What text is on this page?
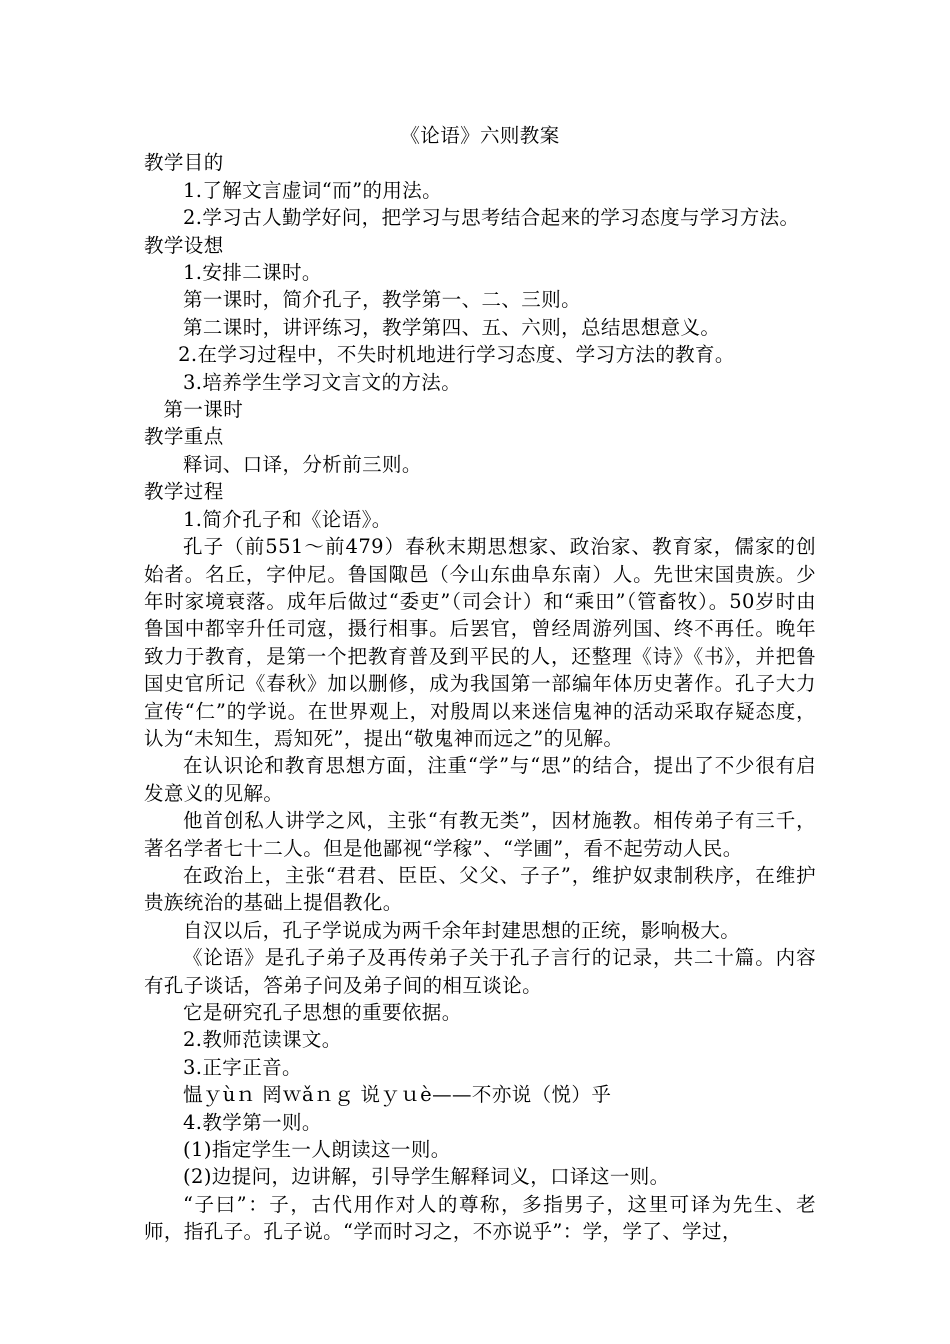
《论语》六则教案

教学目的

1.了解文言虚词“而”的用法。

2.学习古人勤学好问，把学习与思考结合起来的学习态度与学习方法。

教学设想

1.安排二课时。

第一课时，简介孔子，教学第一、二、三则。

第二课时，讲评练习，教学第四、五、六则，总结思想意义。

2.在学习过程中，不失时机地进行学习态度、学习方法的教育。

3.培养学生学习文言文的方法。

第一课时

教学重点

释词、口译，分析前三则。

教学过程

1.简介孔子和《论语》。

孔子（前551～前479）春秋末期思想家、政治家、教育家，儒家的创始者。名丘，字仲尼。鲁国陬邑（今山东曲阜东南）人。先世宋国贵族。少年时家境衰落。成年后做过“委吏”（司会计）和“乘田”（管畜牧）。50岁时由鲁国中都宰升任司寇，摄行相事。后罢官，曾经周游列国、终不再任。晚年致力于教育，是第一个把教育普及到平民的人，还整理《诗》《书》，并把鲁国史官所记《春秋》加以删修，成为我国第一部编年体历史著作。孔子大力宣传“仁”的学说。在世界观上，对殷周以来迷信鬼神的活动采取存疑态度，认为“未知生，焉知死”，提出“敬鬼神而远之”的见解。

在认识论和教育思想方面，注重“学”与“思”的结合，提出了不少很有启发意义的见解。

他首创私人讲学之风，主张“有教无类”，因材施教。相传弟子有三千，著名学者七十二人。但是他鄙视“学稼”、“学圃”，看不起劳动人民。

在政治上，主张“君君、臣臣、父父、子子”，维护奴隶制秩序，在维护贵族统治的基础上提倡教化。

自汉以后，孔子学说成为两千余年封建思想的正统，影响极大。

《论语》是孔子弟子及再传弟子关于孔子言行的记录，共二十篇。内容有孔子谈话，答弟子问及弟子间的相互谈论。

它是研究孔子思想的重要依据。

2.教师范读课文。

3.正字正音。

愠ｙùｎ 罔ｗǎｎｇ 说ｙｕè——不亦说（悦）乎

4.教学第一则。

(1)指定学生一人朗读这一则。

(2)边提问，边讲解，引导学生解释词义，口译这一则。

“子曰”：子，古代用作对人的尊称，多指男子，这里可译为先生、老师，指孔子。孔子说。“学而时习之，不亦说乎”：学，学了、学过，
